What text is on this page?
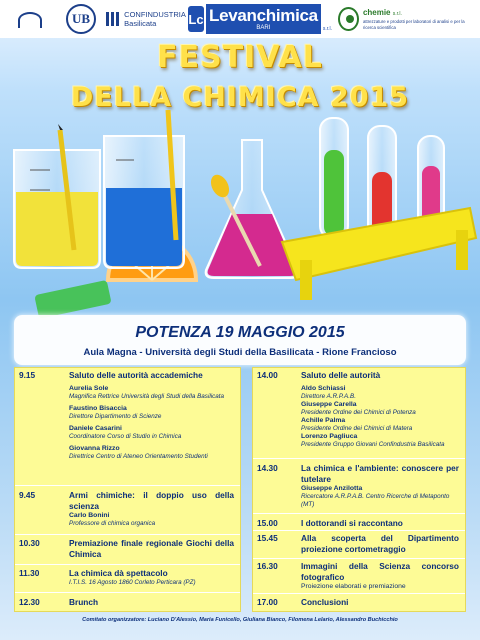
UB	CONFINDUSTRIA
Basilicata	Lc Levanchimica
BARI	s.r.l.
chemie s.r.l.
attrezzature e prodotti per laboratori di analisi e per la ricerca scientifica
FESTIVAL
DELLA CHIMICA 2015
POTENZA 19 MAGGIO 2015
Aula Magna - Università degli Studi della Basilicata - Rione Francioso
9.15	Saluto delle autorità accademiche
Aurelia Sole
Magnifica Rettrice Università degli Studi della Basilicata
Faustino Bisaccia
Direttore Dipartimento di Scienze
Daniele Casarini
Coordinatore Corso di Studio in Chimica
Giovanna Rizzo
Direttrice Centro di Ateneo Orientamento Studenti
9.45	Armi chimiche: il doppio uso della scienza
Carlo Bonini
Professore di chimica organica
10.30	Premiazione finale regionale Giochi della Chimica
11.30	La chimica dà spettacolo
I.T.I.S. 16 Agosto 1860 Corleto Perticara (PZ)
12.30	Brunch
14.00	Saluto delle autorità
Aldo Schiassi
Direttore A.R.P.A.B.
Giuseppe Carella
Presidente Ordine dei Chimici di Potenza
Achille Palma
Presidente Ordine dei Chimici di Matera
Lorenzo Pagliuca
Presidente Gruppo Giovani Confindustria Basilicata
14.30	La chimica e l'ambiente: conoscere per tutelare
Giuseppe Anzilotta
Ricercatore A.R.P.A.B. Centro Ricerche di Metaponto (MT)
15.00	I dottorandi si raccontano
15.45	Alla scoperta del Dipartimento proiezione cortometraggio
16.30	Immagini della Scienza concorso fotografico
Proiezione elaborati e premiazione
17.00	Conclusioni
Comitato organizzatore: Luciano D'Alessio, Maria Funicello, Giuliana Bianco, Filomena Lelario, Alessandro Buchicchio
